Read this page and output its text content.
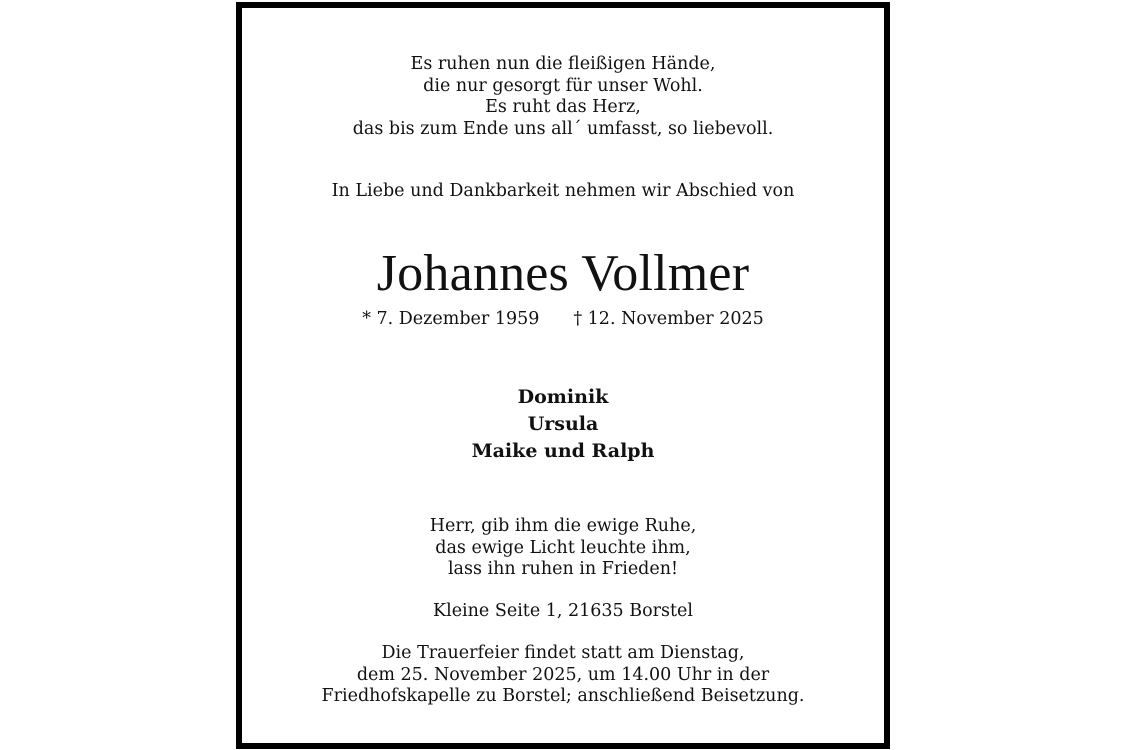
Es ruhen nun die fleißigen Hände,
die nur gesorgt für unser Wohl.
Es ruht das Herz,
das bis zum Ende uns all´ umfasst, so liebevoll.
In Liebe und Dankbarkeit nehmen wir Abschied von
Johannes Vollmer
* 7. Dezember 1959 † 12. November 2025
Dominik
Ursula
Maike und Ralph
Herr, gib ihm die ewige Ruhe,
das ewige Licht leuchte ihm,
lass ihn ruhen in Frieden!
Kleine Seite 1, 21635 Borstel
Die Trauerfeier findet statt am Dienstag,
dem 25. November 2025, um 14.00 Uhr in der
Friedhofskapelle zu Borstel; anschließend Beisetzung.
